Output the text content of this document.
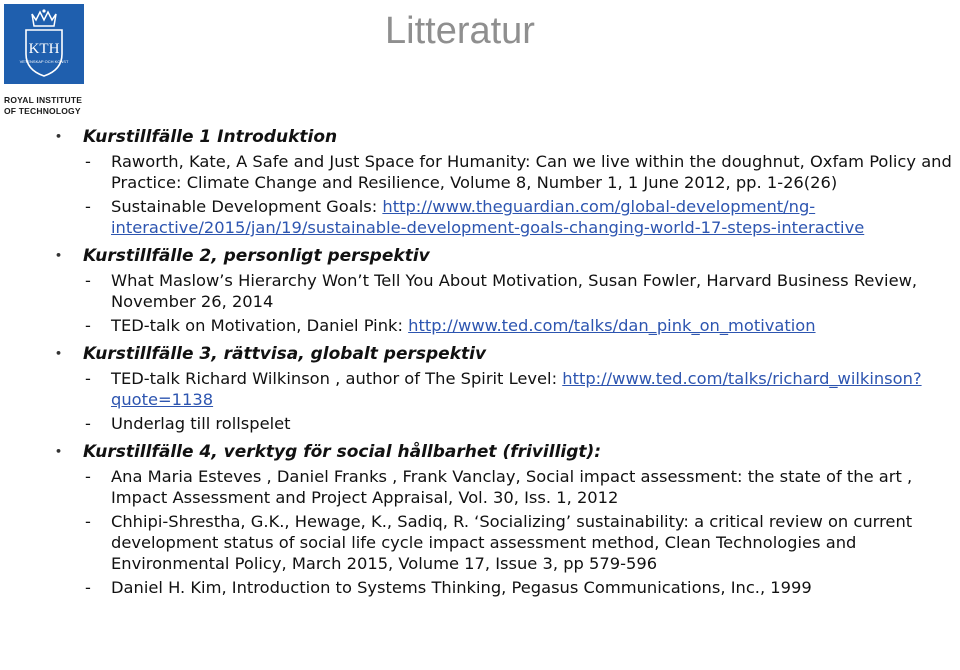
KTH
VETENSKAP OCH KONST
ROYAL INSTITUTE
OF TECHNOLOGY
Litteratur
• Kurstillfälle 1 Introduktion
- Raworth, Kate, A Safe and Just Space for Humanity: Can we live within the doughnut, Oxfam Policy and Practice: Climate Change and Resilience, Volume 8, Number 1, 1 June 2012, pp. 1-26(26)
- Sustainable Development Goals: http://www.theguardian.com/global-development/ng-interactive/2015/jan/19/sustainable-development-goals-changing-world-17-steps-interactive
• Kurstillfälle 2, personligt perspektiv
- What Maslow’s Hierarchy Won’t Tell You About Motivation, Susan Fowler, Harvard Business Review, November 26, 2014
- TED-talk on Motivation, Daniel Pink: http://www.ted.com/talks/dan_pink_on_motivation
• Kurstillfälle 3, rättvisa, globalt perspektiv
- TED-talk Richard Wilkinson , author of The Spirit Level: http://www.ted.com/talks/richard_wilkinson?quote=1138
- Underlag till rollspelet
• Kurstillfälle 4, verktyg för social hållbarhet (frivilligt):
- Ana Maria Esteves , Daniel Franks , Frank Vanclay, Social impact assessment: the state of the art , Impact Assessment and Project Appraisal, Vol. 30, Iss. 1, 2012
- Chhipi-Shrestha, G.K., Hewage, K., Sadiq, R. ‘Socializing’ sustainability: a critical review on current development status of social life cycle impact assessment method, Clean Technologies and Environmental Policy, March 2015, Volume 17, Issue 3, pp 579-596
- Daniel H. Kim, Introduction to Systems Thinking, Pegasus Communications, Inc., 1999
